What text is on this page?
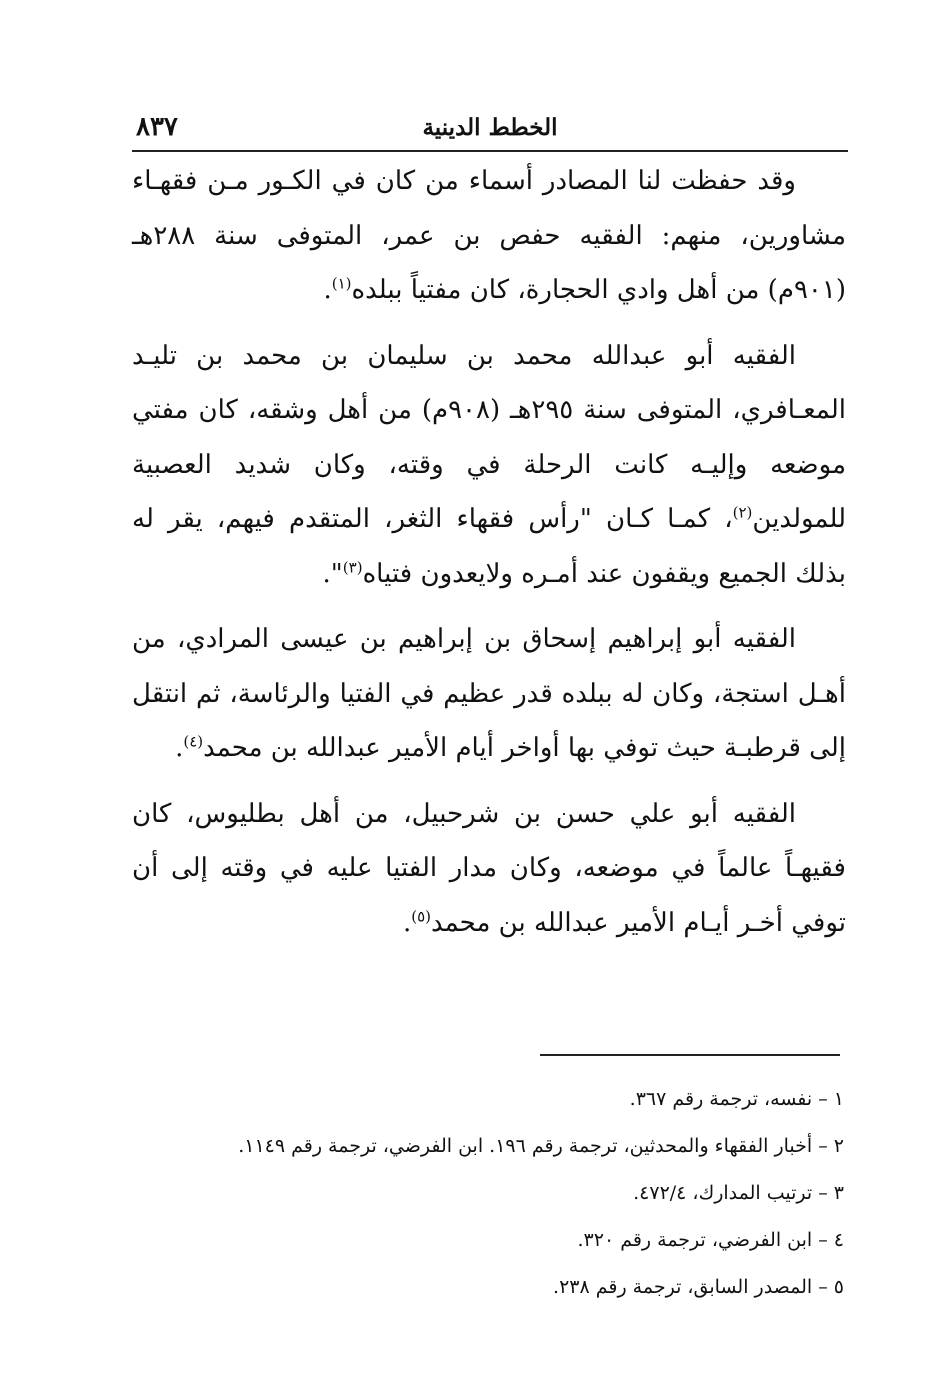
٨٣٧	الخطط الدينية

وقد حفظت لنا المصادر أسماء من كان في الكـور مـن فقهـاء مشاورين، منهم: الفقيه حفص بن عمر، المتوفى سنة ٢٨٨هـ (٩٠١م) من أهل وادي الحجارة، كان مفتياً ببلده$^{(١)}$.

الفقيه أبو عبدالله محمد بن سليمان بن محمد بن تليـد المعـافري، المتوفى سنة ٢٩٥هـ (٩٠٨م) من أهل وشقه، كان مفتي موضعه وإليـه كانت الرحلة في وقته، وكان شديد العصبية للمولدين$^{(٢)}$، كمـا كـان "رأس فقهاء الثغر، المتقدم فيهم، يقر له بذلك الجميع ويقفون عند أمـره ولايعدون فتياه$^{(٣)}$".

الفقيه أبو إبراهيم إسحاق بن إبراهيم بن عيسى المرادي، من أهـل استجة، وكان له ببلده قدر عظيم في الفتيا والرئاسة، ثم انتقل إلى قرطبـة حيث توفي بها أواخر أيام الأمير عبدالله بن محمد$^{(٤)}$.

الفقيه أبو علي حسن بن شرحبيل، من أهل بطليوس، كان فقيهـاً عالماً في موضعه، وكان مدار الفتيا عليه في وقته إلى أن توفي أخـر أيـام الأمير عبدالله بن محمد$^{(٥)}$.

١ – نفسه، ترجمة رقم ٣٦٧.
٢ – أخبار الفقهاء والمحدثين، ترجمة رقم ١٩٦. ابن الفرضي، ترجمة رقم ١١٤٩.
٣ – ترتيب المدارك، ٤٧٢/٤.
٤ – ابن الفرضي، ترجمة رقم ٣٢٠.
٥ – المصدر السابق، ترجمة رقم ٢٣٨.
